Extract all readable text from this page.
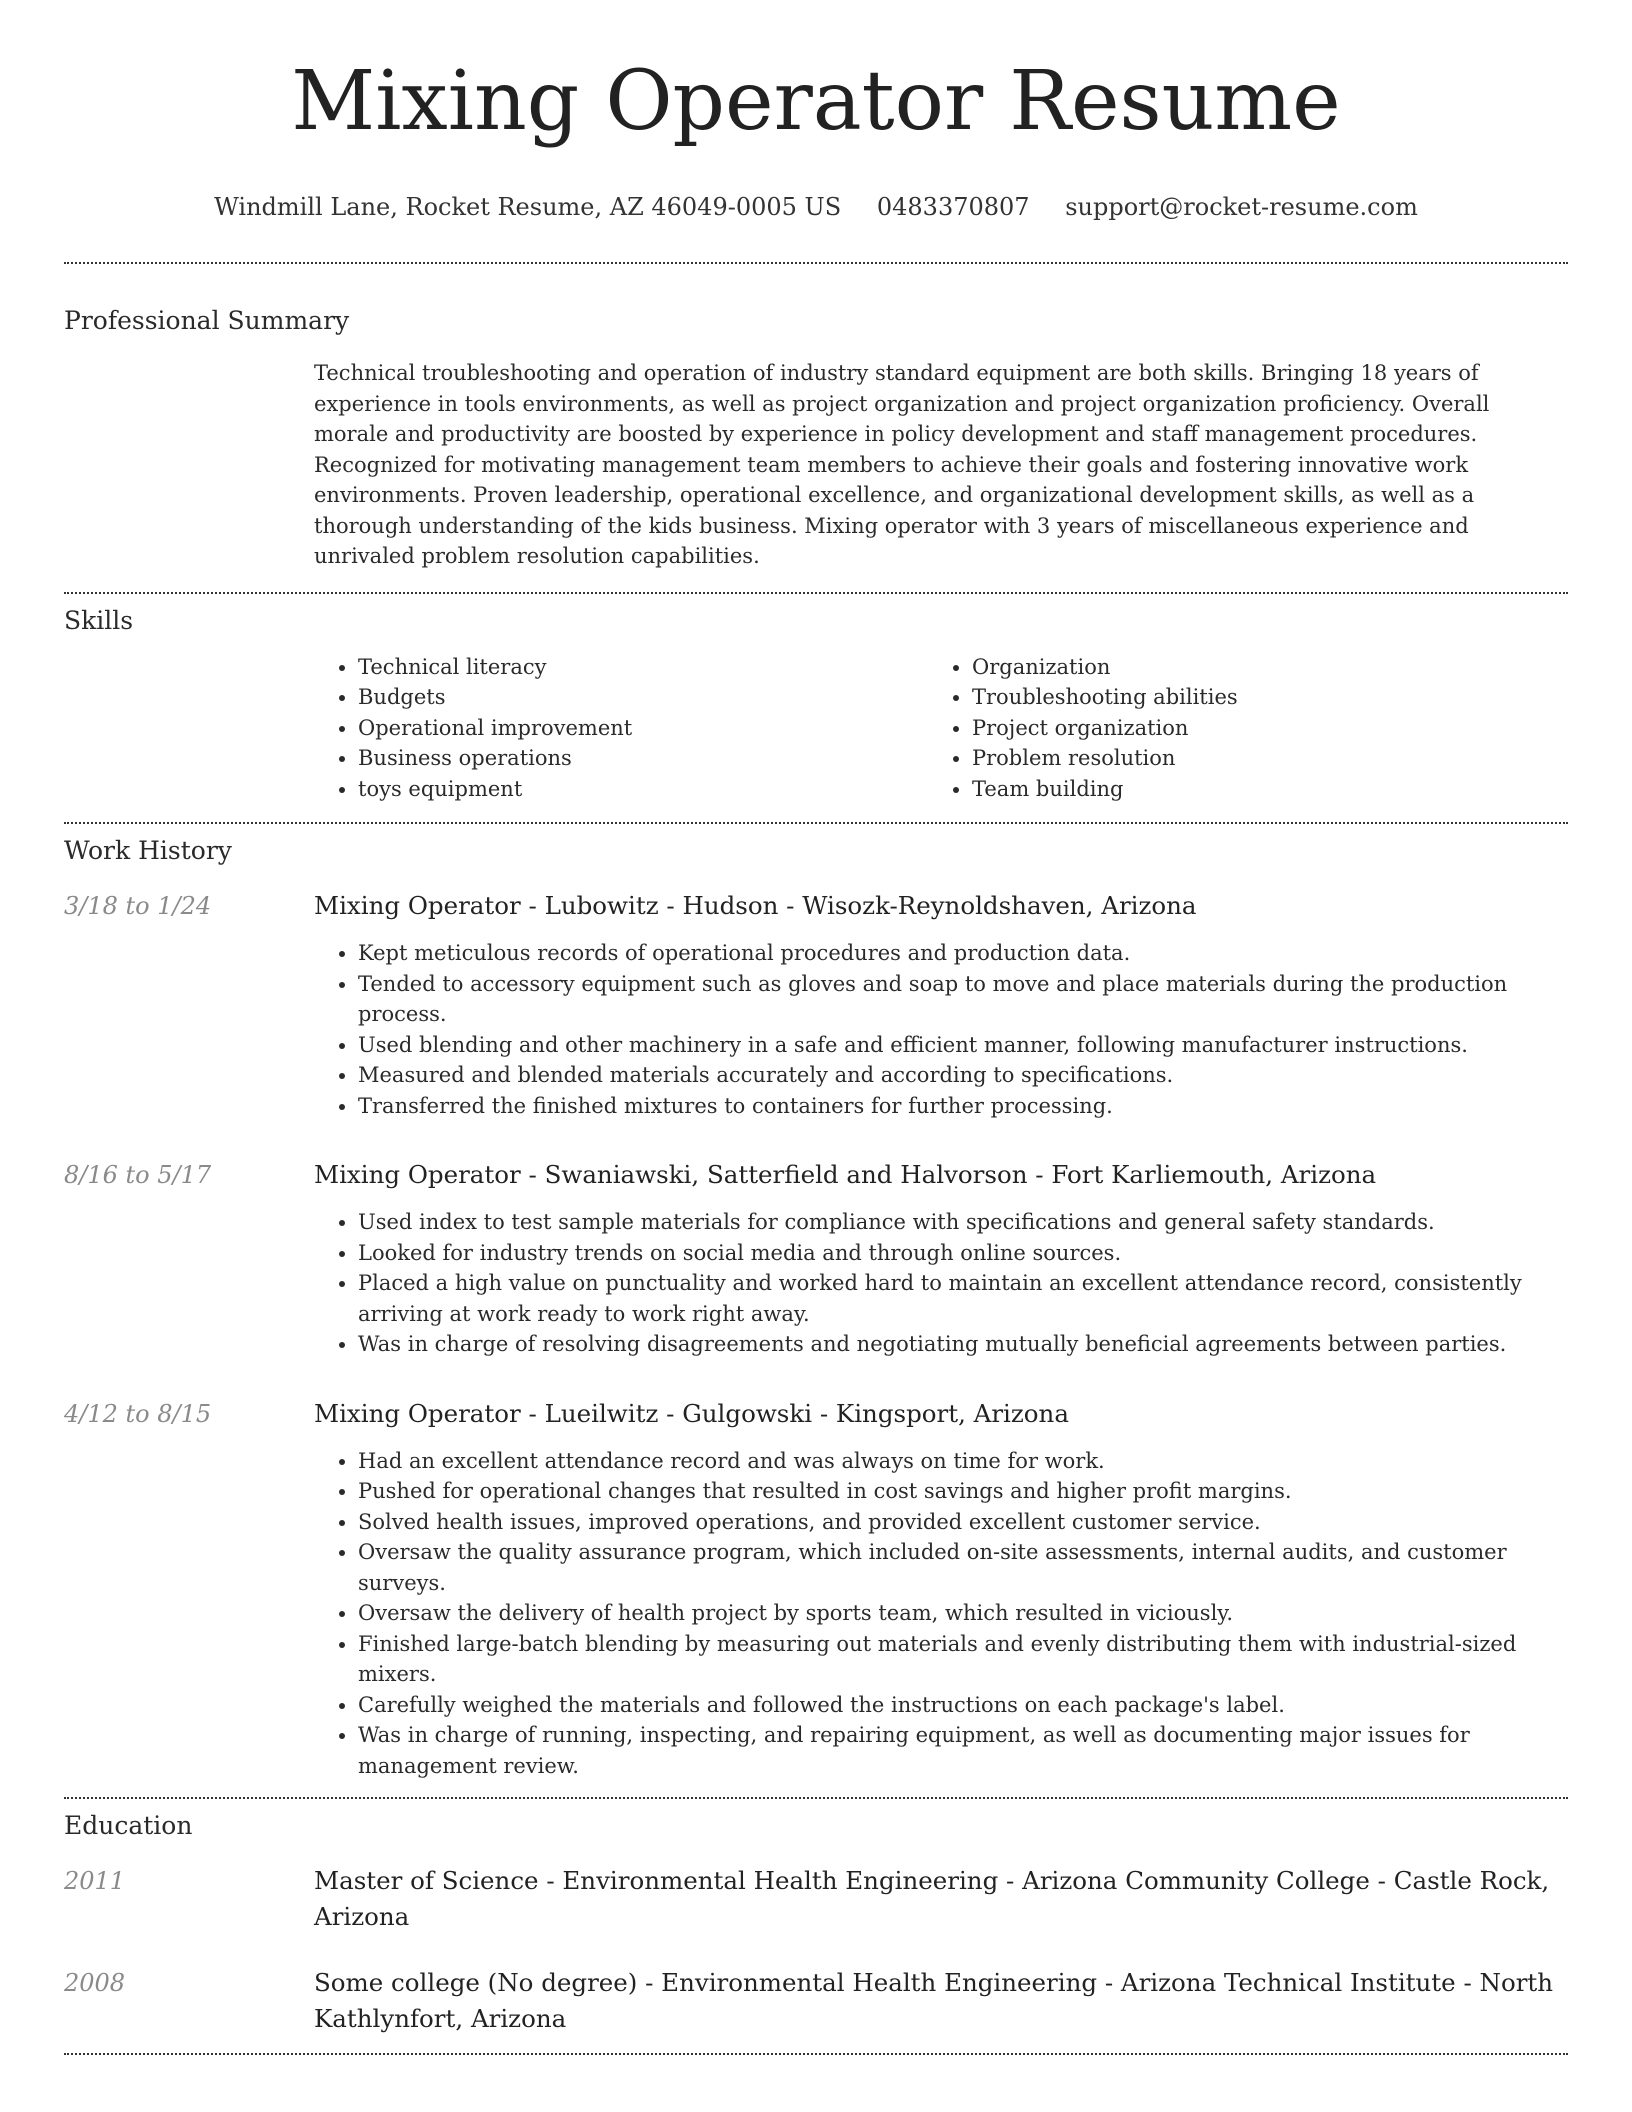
Mixing Operator Resume
Windmill Lane, Rocket Resume, AZ 46049-0005 US 0483370807 support@rocket-resume.com
Professional Summary
Technical troubleshooting and operation of industry standard equipment are both skills. Bringing 18 years of experience in tools environments, as well as project organization and project organization proficiency. Overall morale and productivity are boosted by experience in policy development and staff management procedures. Recognized for motivating management team members to achieve their goals and fostering innovative work environments. Proven leadership, operational excellence, and organizational development skills, as well as a thorough understanding of the kids business. Mixing operator with 3 years of miscellaneous experience and unrivaled problem resolution capabilities.
Skills
• Technical literacy
• Budgets
• Operational improvement
• Business operations
• toys equipment
• Organization
• Troubleshooting abilities
• Project organization
• Problem resolution
• Team building
Work History
3/18 to 1/24	Mixing Operator - Lubowitz - Hudson - Wisozk-Reynoldshaven, Arizona
• Kept meticulous records of operational procedures and production data.
• Tended to accessory equipment such as gloves and soap to move and place materials during the production process.
• Used blending and other machinery in a safe and efficient manner, following manufacturer instructions.
• Measured and blended materials accurately and according to specifications.
• Transferred the finished mixtures to containers for further processing.
8/16 to 5/17	Mixing Operator - Swaniawski, Satterfield and Halvorson - Fort Karliemouth, Arizona
• Used index to test sample materials for compliance with specifications and general safety standards.
• Looked for industry trends on social media and through online sources.
• Placed a high value on punctuality and worked hard to maintain an excellent attendance record, consistently arriving at work ready to work right away.
• Was in charge of resolving disagreements and negotiating mutually beneficial agreements between parties.
4/12 to 8/15	Mixing Operator - Lueilwitz - Gulgowski - Kingsport, Arizona
• Had an excellent attendance record and was always on time for work.
• Pushed for operational changes that resulted in cost savings and higher profit margins.
• Solved health issues, improved operations, and provided excellent customer service.
• Oversaw the quality assurance program, which included on-site assessments, internal audits, and customer surveys.
• Oversaw the delivery of health project by sports team, which resulted in viciously.
• Finished large-batch blending by measuring out materials and evenly distributing them with industrial-sized mixers.
• Carefully weighed the materials and followed the instructions on each package's label.
• Was in charge of running, inspecting, and repairing equipment, as well as documenting major issues for management review.
Education
2011	Master of Science - Environmental Health Engineering - Arizona Community College - Castle Rock, Arizona
2008	Some college (No degree) - Environmental Health Engineering - Arizona Technical Institute - North Kathlynfort, Arizona
